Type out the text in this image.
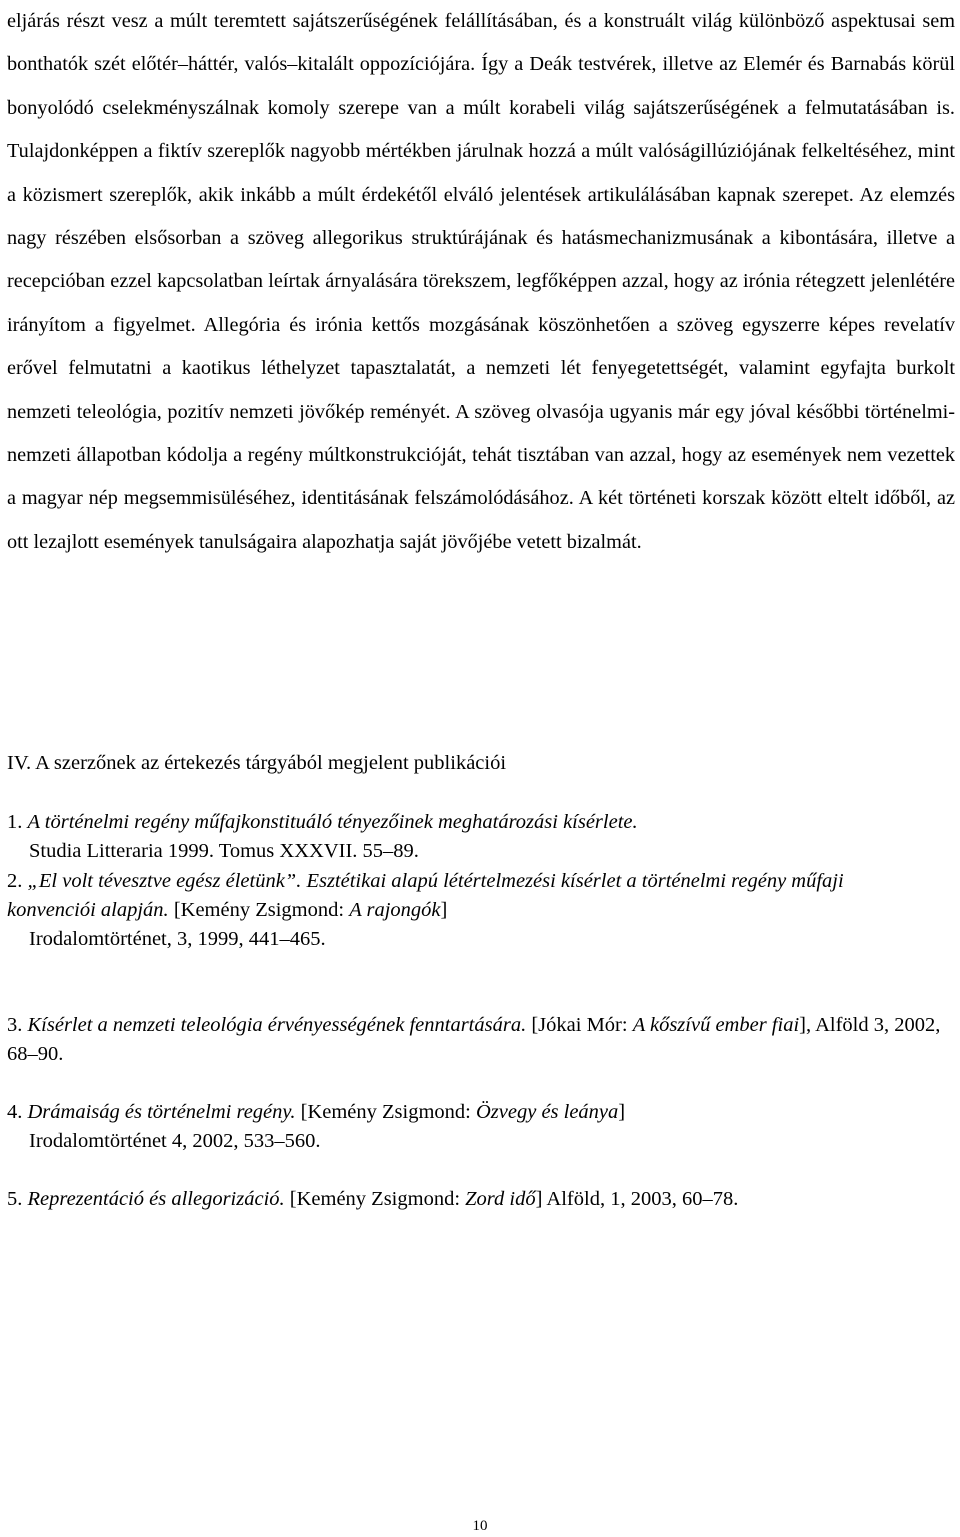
eljárás részt vesz a múlt teremtett sajátszerűségének felállításában, és a konstruált világ különböző aspektusai sem bonthatók szét előtér–háttér, valós–kitalált oppozíciójára. Így a Deák testvérek, illetve az Elemér és Barnabás körül bonyolódó cselekményszálnak komoly szerepe van a múlt korabeli világ sajátszerűségének a felmutatásában is. Tulajdonképpen a fiktív szereplők nagyobb mértékben járulnak hozzá a múlt valóságillúziójának felkeltéséhez, mint a közismert szereplők, akik inkább a múlt érdekétől elváló jelentések artikulálásában kapnak szerepet. Az elemzés nagy részében elsősorban a szöveg allegorikus struktúrájának és hatásmechanizmusának a kibontására, illetve a recepcióban ezzel kapcsolatban leírtak árnyalására törekszem, legfőképpen azzal, hogy az irónia rétegzett jelenlétére irányítom a figyelmet. Allegória és irónia kettős mozgásának köszönhetően a szöveg egyszerre képes revelatív erővel felmutatni a kaotikus léthelyzet tapasztalatát, a nemzeti lét fenyegetettségét, valamint egyfajta burkolt nemzeti teleológia, pozitív nemzeti jövőkép reményét. A szöveg olvasója ugyanis már egy jóval későbbi történelmi-nemzeti állapotban kódolja a regény múltkonstrukcióját, tehát tisztában van azzal, hogy az események nem vezettek a magyar nép megsemmisüléséhez, identitásának felszámolódásához. A két történeti korszak között eltelt időből, az ott lezajlott események tanulságaira alapozhatja saját jövőjébe vetett bizalmát.

IV. A szerzőnek az értekezés tárgyából megjelent publikációi

1. A történelmi regény műfajkonstituáló tényezőinek meghatározási kísérlete.
Studia Litteraria 1999. Tomus XXXVII. 55–89.

2. „El volt tévesztve egész életünk”. Esztétikai alapú létértelmezési kísérlet a történelmi regény műfaji konvenciói alapján. [Kemény Zsigmond: A rajongók]
Irodalomtörténet, 3, 1999, 441–465.

3. Kísérlet a nemzeti teleológia érvényességének fenntartására. [Jókai Mór: A kőszívű ember fiai], Alföld 3, 2002, 68–90.

4. Drámaiság és történelmi regény. [Kemény Zsigmond: Özvegy és leánya]
Irodalomtörténet 4, 2002, 533–560.

5. Reprezentáció és allegorizáció. [Kemény Zsigmond: Zord idő] Alföld, 1, 2003, 60–78.

10
